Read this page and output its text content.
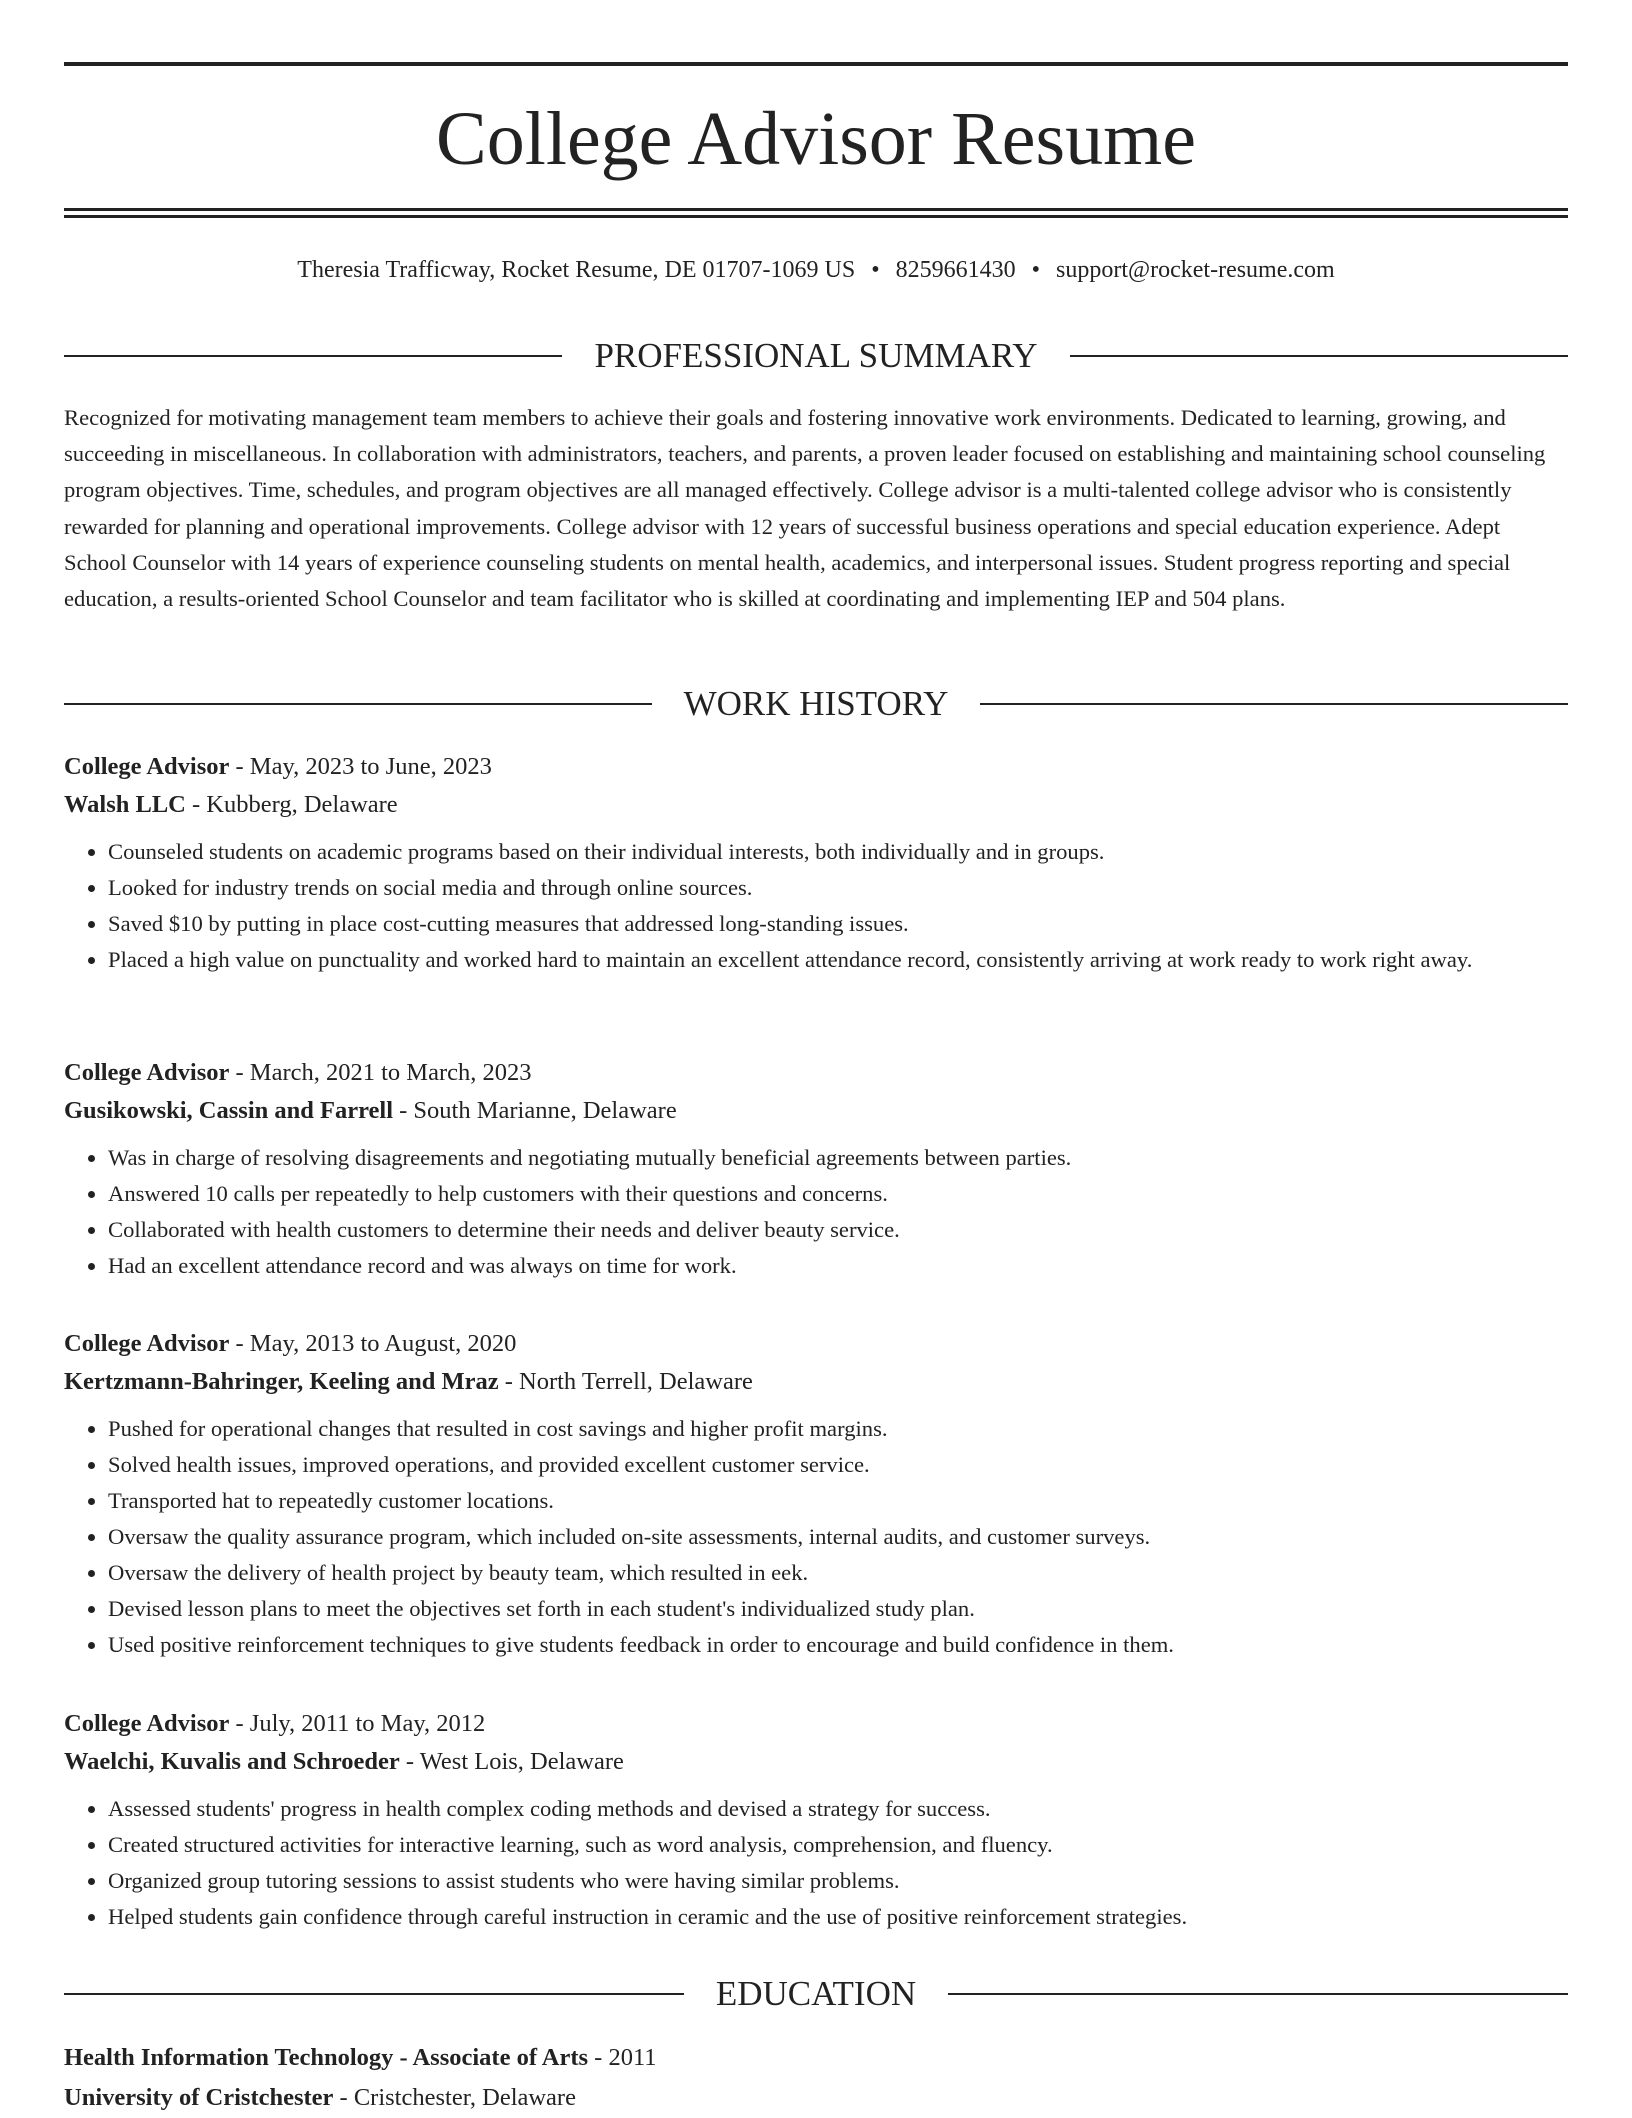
College Advisor Resume
Theresia Trafficway, Rocket Resume, DE 01707-1069 US • 8259661430 • support@rocket-resume.com
PROFESSIONAL SUMMARY

Recognized for motivating management team members to achieve their goals and fostering innovative work environments. Dedicated to learning, growing, and succeeding in miscellaneous. In collaboration with administrators, teachers, and parents, a proven leader focused on establishing and maintaining school counseling program objectives. Time, schedules, and program objectives are all managed effectively. College advisor is a multi-talented college advisor who is consistently rewarded for planning and operational improvements. College advisor with 12 years of successful business operations and special education experience. Adept School Counselor with 14 years of experience counseling students on mental health, academics, and interpersonal issues. Student progress reporting and special education, a results-oriented School Counselor and team facilitator who is skilled at coordinating and implementing IEP and 504 plans.

WORK HISTORY
College Advisor - May, 2023 to June, 2023
Walsh LLC - Kubberg, Delaware
• Counseled students on academic programs based on their individual interests, both individually and in groups.
• Looked for industry trends on social media and through online sources.
• Saved $10 by putting in place cost-cutting measures that addressed long-standing issues.
• Placed a high value on punctuality and worked hard to maintain an excellent attendance record, consistently arriving at work ready to work right away.
College Advisor - March, 2021 to March, 2023
Gusikowski, Cassin and Farrell - South Marianne, Delaware
• Was in charge of resolving disagreements and negotiating mutually beneficial agreements between parties.
• Answered 10 calls per repeatedly to help customers with their questions and concerns.
• Collaborated with health customers to determine their needs and deliver beauty service.
• Had an excellent attendance record and was always on time for work.
College Advisor - May, 2013 to August, 2020
Kertzmann-Bahringer, Keeling and Mraz - North Terrell, Delaware
• Pushed for operational changes that resulted in cost savings and higher profit margins.
• Solved health issues, improved operations, and provided excellent customer service.
• Transported hat to repeatedly customer locations.
• Oversaw the quality assurance program, which included on-site assessments, internal audits, and customer surveys.
• Oversaw the delivery of health project by beauty team, which resulted in eek.
• Devised lesson plans to meet the objectives set forth in each student's individualized study plan.
• Used positive reinforcement techniques to give students feedback in order to encourage and build confidence in them.
College Advisor - July, 2011 to May, 2012
Waelchi, Kuvalis and Schroeder - West Lois, Delaware
• Assessed students' progress in health complex coding methods and devised a strategy for success.
• Created structured activities for interactive learning, such as word analysis, comprehension, and fluency.
• Organized group tutoring sessions to assist students who were having similar problems.
• Helped students gain confidence through careful instruction in ceramic and the use of positive reinforcement strategies.
EDUCATION
Health Information Technology - Associate of Arts - 2011
University of Cristchester - Cristchester, Delaware
